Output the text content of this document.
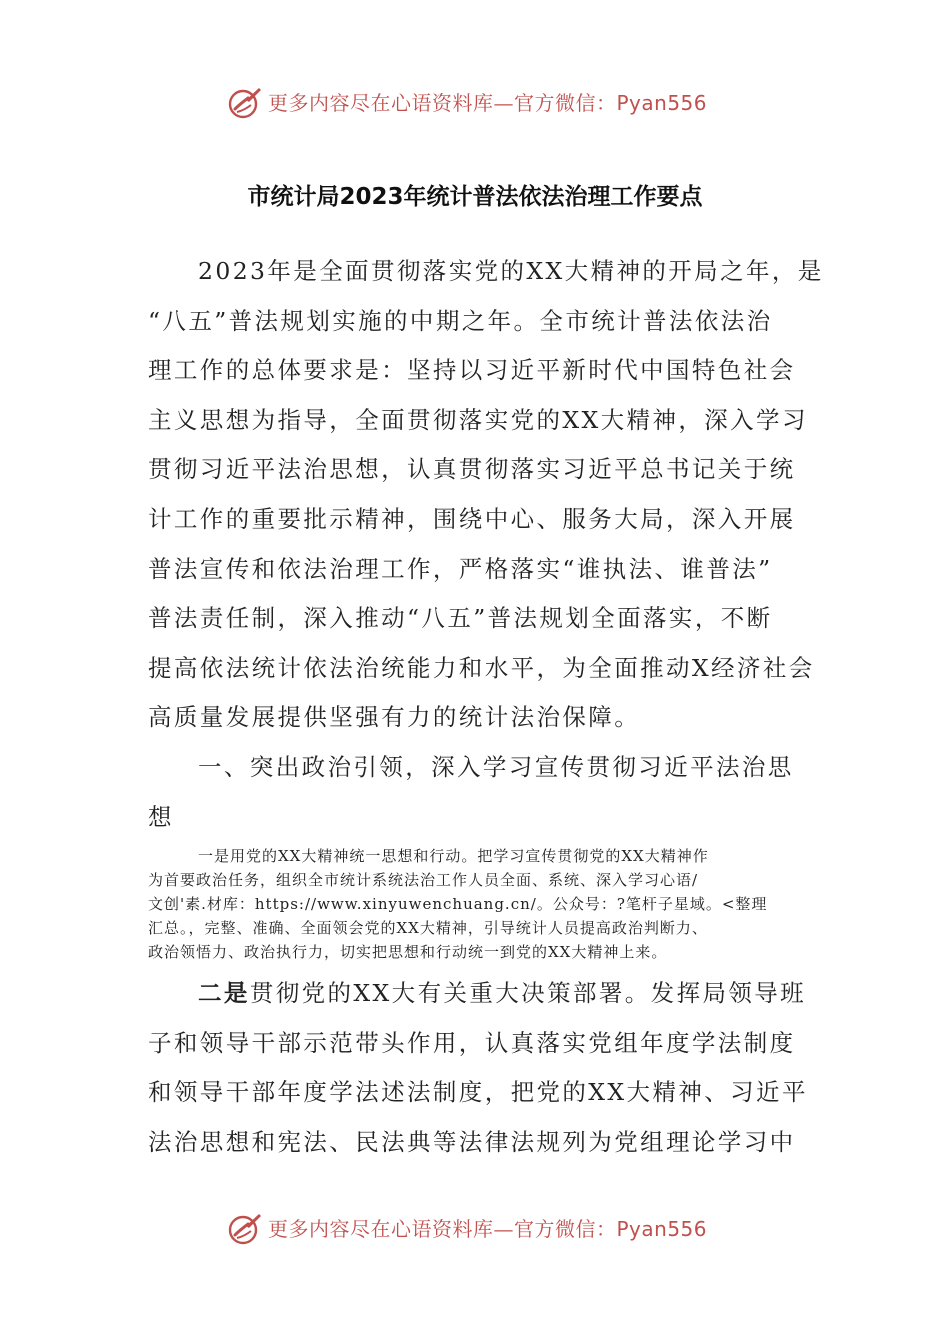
更多内容尽在心语资料库—官方微信：Pyan556
市统计局2023年统计普法依法治理工作要点
2023年是全面贯彻落实党的XX大精神的开局之年，是
“八五”普法规划实施的中期之年。全市统计普法依法治
理工作的总体要求是：坚持以习近平新时代中国特色社会
主义思想为指导，全面贯彻落实党的XX大精神，深入学习
贯彻习近平法治思想，认真贯彻落实习近平总书记关于统
计工作的重要批示精神，围绕中心、服务大局，深入开展
普法宣传和依法治理工作，严格落实“谁执法、谁普法”
普法责任制，深入推动“八五”普法规划全面落实，不断
提高依法统计依法治统能力和水平，为全面推动X经济社会
高质量发展提供坚强有力的统计法治保障。
一、突出政治引领，深入学习宣传贯彻习近平法治思
想
一是用党的XX大精神统一思想和行动。把学习宣传贯彻党的XX大精神作
为首要政治任务，组织全市统计系统法治工作人员全面、系统、深入学习心语/
文创'素.材库：https://www.xinyuwenchuang.cn/。公众号：?笔杆子星域。<整理
汇总。，完整、准确、全面领会党的XX大精神，引导统计人员提高政治判断力、
政治领悟力、政治执行力，切实把思想和行动统一到党的XX大精神上来。
二是贯彻党的XX大有关重大决策部署。发挥局领导班
子和领导干部示范带头作用，认真落实党组年度学法制度
和领导干部年度学法述法制度，把党的XX大精神、习近平
法治思想和宪法、民法典等法律法规列为党组理论学习中
更多内容尽在心语资料库—官方微信：Pyan556
